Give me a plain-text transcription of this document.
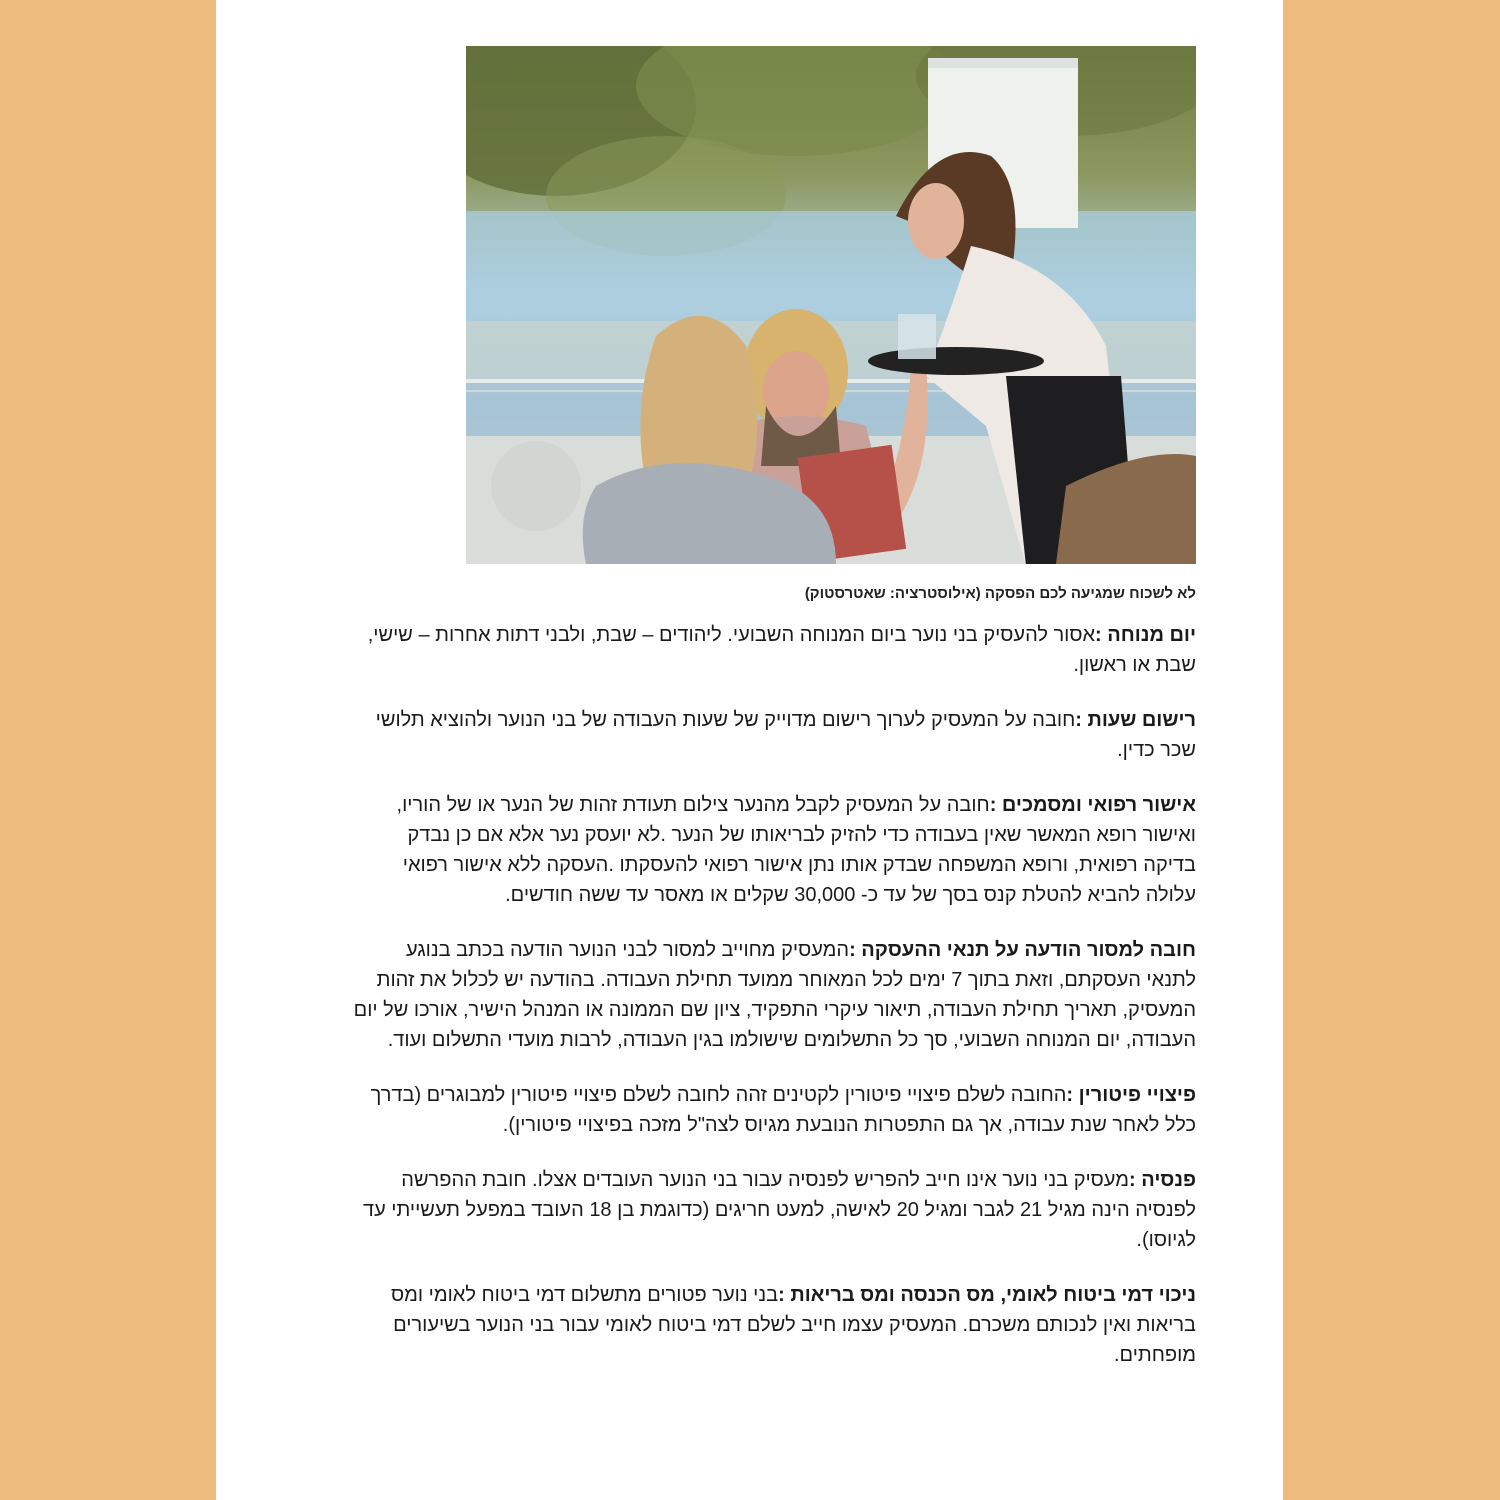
לא לשכוח שמגיעה לכם הפסקה (אילוסטרציה: שאטרסטוק)

יום מנוחה :אסור להעסיק בני נוער ביום המנוחה השבועי. ליהודים – שבת, ולבני דתות אחרות – שישי, שבת או ראשון.

רישום שעות :חובה על המעסיק לערוך רישום מדוייק של שעות העבודה של בני הנוער ולהוציא תלושי שכר כדין.

אישור רפואי ומסמכים :חובה על המעסיק לקבל מהנער צילום תעודת זהות של הנער או של הוריו, ואישור רופא המאשר שאין בעבודה כדי להזיק לבריאותו של הנער .לא יועסק נער אלא אם כן נבדק בדיקה רפואית, ורופא המשפחה שבדק אותו נתן אישור רפואי להעסקתו .העסקה ללא אישור רפואי עלולה להביא להטלת קנס בסך של עד כ- 30,000 שקלים או מאסר עד ששה חודשים.

חובה למסור הודעה על תנאי ההעסקה :המעסיק מחוייב למסור לבני הנוער הודעה בכתב בנוגע לתנאי העסקתם, וזאת בתוך 7 ימים לכל המאוחר ממועד תחילת העבודה. בהודעה יש לכלול את זהות המעסיק, תאריך תחילת העבודה, תיאור עיקרי התפקיד, ציון שם הממונה או המנהל הישיר, אורכו של יום העבודה, יום המנוחה השבועי, סך כל התשלומים שישולמו בגין העבודה, לרבות מועדי התשלום ועוד.

פיצויי פיטורין :החובה לשלם פיצויי פיטורין לקטינים זהה לחובה לשלם פיצויי פיטורין למבוגרים (בדרך כלל לאחר שנת עבודה, אך גם התפטרות הנובעת מגיוס לצה"ל מזכה בפיצויי פיטורין).

פנסיה :מעסיק בני נוער אינו חייב להפריש לפנסיה עבור בני הנוער העובדים אצלו. חובת ההפרשה לפנסיה הינה מגיל 21 לגבר ומגיל 20 לאישה, למעט חריגים (כדוגמת בן 18 העובד במפעל תעשייתי עד לגיוסו).

ניכוי דמי ביטוח לאומי, מס הכנסה ומס בריאות :בני נוער פטורים מתשלום דמי ביטוח לאומי ומס בריאות ואין לנכותם משכרם. המעסיק עצמו חייב לשלם דמי ביטוח לאומי עבור בני הנוער בשיעורים מופחתים.
